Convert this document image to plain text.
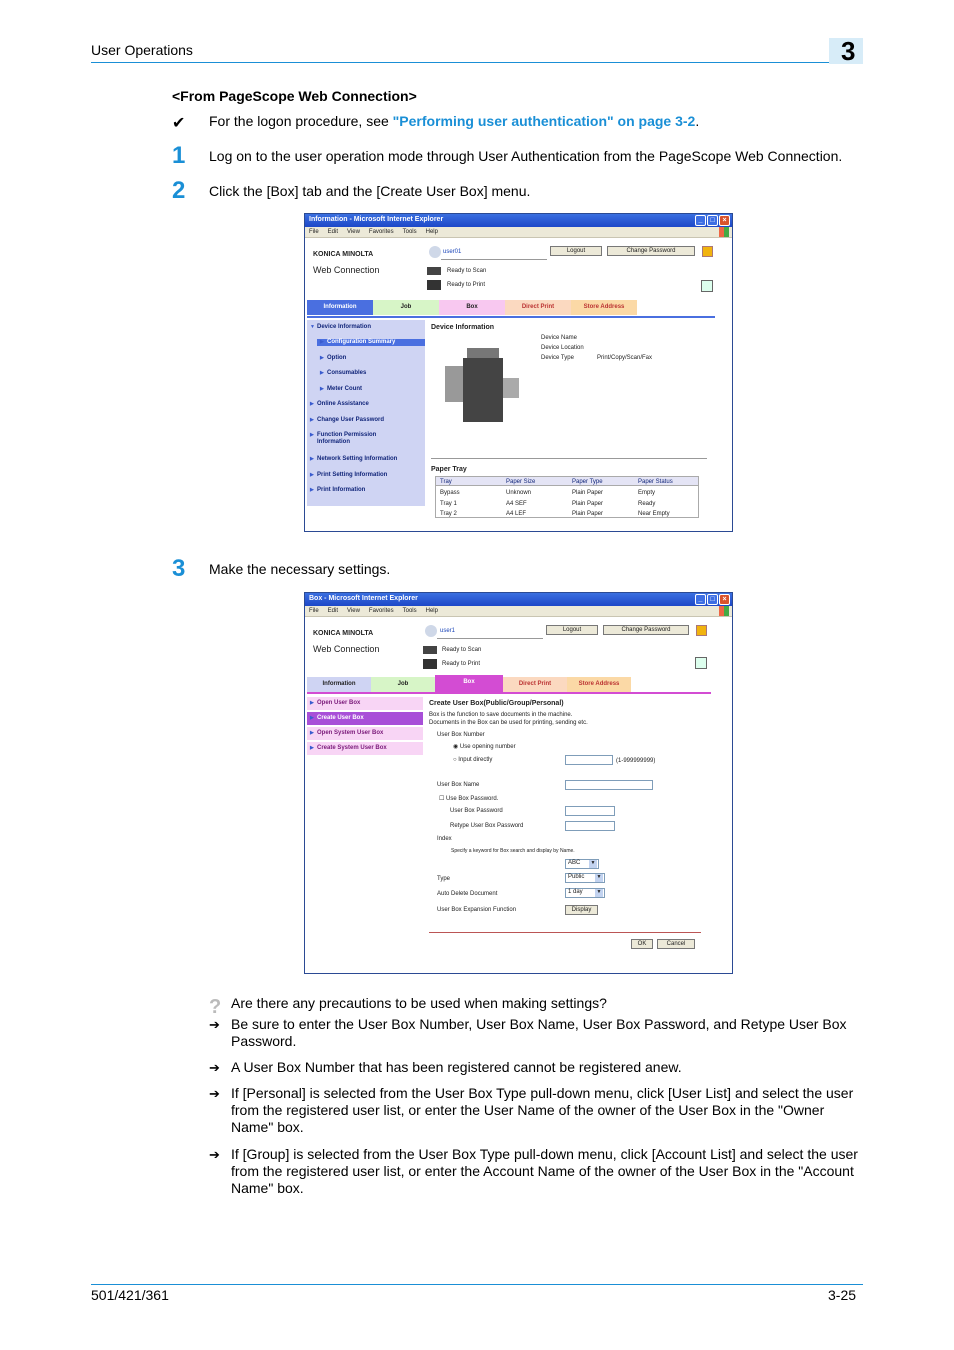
User Operations	3
<From PageScope Web Connection>
✔ For the logon procedure, see "Performing user authentication" on page 3-2.
1 Log on to the user operation mode through User Authentication from the PageScope Web Connection.
2 Click the [Box] tab and the [Create User Box] menu.
Information - Microsoft Internet Explorer	_	□	×
File Edit View Favorites Tools Help
KONICA MINOLTA
Web Connection
user01	Logout	Change Password
Ready to Scan
Ready to Print
Information	Job	Box	Direct Print	Store Address
▼ Device Information
▶ Configuration Summary
▶ Option
▶ Consumables
▶ Meter Count
▶ Online Assistance
▶ Change User Password
▶ Function Permission Information
▶ Network Setting Information
▶ Print Setting Information
▶ Print Information
Device Information
Device Name
Device Location
Device Type	Print/Copy/Scan/Fax
Paper Tray
Tray	Paper Size	Paper Type	Paper Status
Bypass	Unknown	Plain Paper	Empty
Tray 1	A4 SEF	Plain Paper	Ready
Tray 2	A4 LEF	Plain Paper	Near Empty
3 Make the necessary settings.
Box - Microsoft Internet Explorer	_	□	×
File Edit View Favorites Tools Help
KONICA MINOLTA
Web Connection
user1	Logout	Change Password
Ready to Scan
Ready to Print
Information	Job	Box	Direct Print	Store Address
▶ Open User Box
▶ Create User Box
▶ Open System User Box
▶ Create System User Box
Create User Box(Public/Group/Personal)
Box is the function to save documents in the machine.
Documents in the Box can be used for printing, sending etc.
User Box Number
◉ Use opening number
○ Input directly	(1-999999999)
User Box Name
☐ Use Box Password.
User Box Password
Retype User Box Password
Index
Specify a keyword for Box search and display by Name.
ABC	▼
Type	Public	▼
Auto Delete Document	1 day	▼
User Box Expansion Function	Display
OK	Cancel
? Are there any precautions to be used when making settings?
➔ Be sure to enter the User Box Number, User Box Name, User Box Password, and Retype User Box Password.
➔ A User Box Number that has been registered cannot be registered anew.
➔ If [Personal] is selected from the User Box Type pull-down menu, click [User List] and select the user from the registered user list, or enter the User Name of the owner of the User Box in the "Owner Name" box.
➔ If [Group] is selected from the User Box Type pull-down menu, click [Account List] and select the user from the registered user list, or enter the Account Name of the owner of the User Box in the "Account Name" box.
501/421/361	3-25
